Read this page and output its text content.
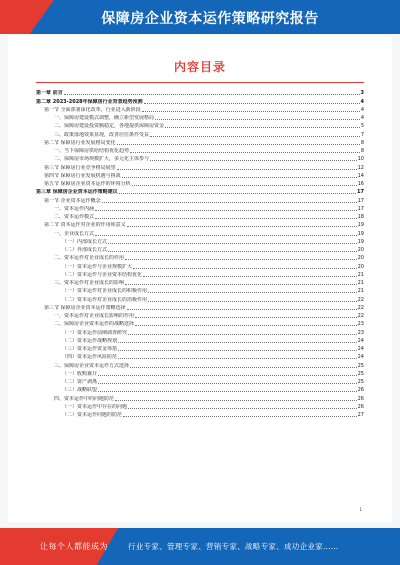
保障房企业资本运作策略研究报告
内容目录
第一章 前言	3
第二章 2023-2028年保障房行业背景趋势预测	4
第一节 全面部署深化改革，行业进入新阶段	4
一、保障房建设模式调整，确立新型发展格局	4
二、保障房建设投资额稳定，各地提供保障房资金	5
三、政策落地效果显现，改善居住条件受益	7
第二节 保障房行业发展格局变化	8
一、当下保障房供给结构优化趋势	8
二、保障房市场规模扩大，多元化主体参与	10
第三节 保障房行业竞争格局展望	12
第四节 保障房行业发展机遇与挑战	14
第五节 保障房企业资本运作的环境分析	16
第三章 保障房企业资本运作策略建议	17
第一节 企业资本运作概念	17
一、资本运作内涵	17
二、资本运作模式	18
第二节 资本运作对企业的作用和意义	19
一、企业成长方式	19
（一）内部成长方式	19
（二）外部成长方式	20
二、资本运作对企业成长的作用	20
（一）资本运作与企业规模扩大	20
（二）资本运作与企业资本结构优化	21
三、资本运作对企业成长的影响	21
（一）资本运作对企业成长的积极作用	21
（二）资本运作对企业成长的消极作用	22
第三节 保障房企业资本运作策略选择	22
一、资本运作对企业成长影响的作用	22
二、保障房企业资本运作的战略选择	23
（一）资本运作前期调查研究	23
（二）资本运作战略规划	24
（三）资本运作资金筹措	24
（四）资本运作风险防范	24
三、保障房企业资本运作方式选择	25
（一）收购兼并	25
（二）资产剥离	25
（三）战略联盟	26
四、资本运作中的问题防范	26
（一）资本运作中存在的问题	26
（二）资本运作问题的防范	27
1
让每个人都能成为	行业专家、管理专家、营销专家、战略专家、成功企业家……
